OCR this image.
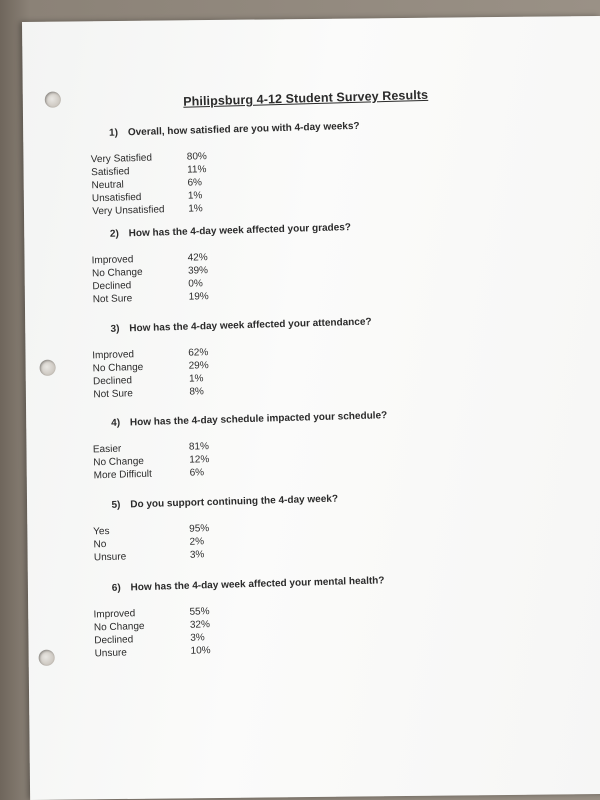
Philipsburg 4-12 Student Survey Results
1) Overall, how satisfied are you with 4-day weeks?
Very Satisfied	80%
Satisfied	11%
Neutral	6%
Unsatisfied	1%
Very Unsatisfied	1%
2) How has the 4-day week affected your grades?
Improved	42%
No Change	39%
Declined	0%
Not Sure	19%
3) How has the 4-day week affected your attendance?
Improved	62%
No Change	29%
Declined	1%
Not Sure	8%
4) How has the 4-day schedule impacted your schedule?
Easier	81%
No Change	12%
More Difficult	6%
5) Do you support continuing the 4-day week?
Yes	95%
No	2%
Unsure	3%
6) How has the 4-day week affected your mental health?
Improved	55%
No Change	32%
Declined	3%
Unsure	10%
